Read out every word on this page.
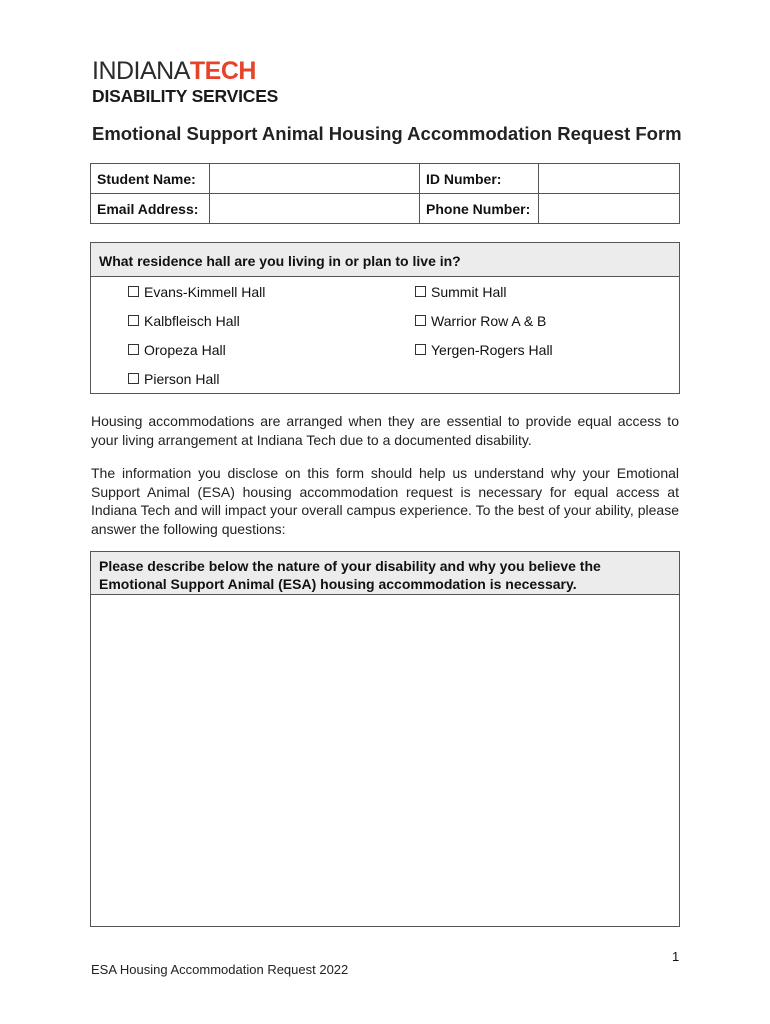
INDIANATECH
DISABILITY SERVICES
Emotional Support Animal Housing Accommodation Request Form
Student Name:		ID Number:	
Email Address:		Phone Number:	
What residence hall are you living in or plan to live in?
Evans-Kimmell Hall	Summit Hall
Kalbfleisch Hall	Warrior Row A & B
Oropeza Hall	Yergen-Rogers Hall
Pierson Hall
Housing accommodations are arranged when they are essential to provide equal access to your living arrangement at Indiana Tech due to a documented disability.
The information you disclose on this form should help us understand why your Emotional Support Animal (ESA) housing accommodation request is necessary for equal access at Indiana Tech and will impact your overall campus experience. To the best of your ability, please answer the following questions:
Please describe below the nature of your disability and why you believe the Emotional Support Animal (ESA) housing accommodation is necessary.
1
ESA Housing Accommodation Request 2022
